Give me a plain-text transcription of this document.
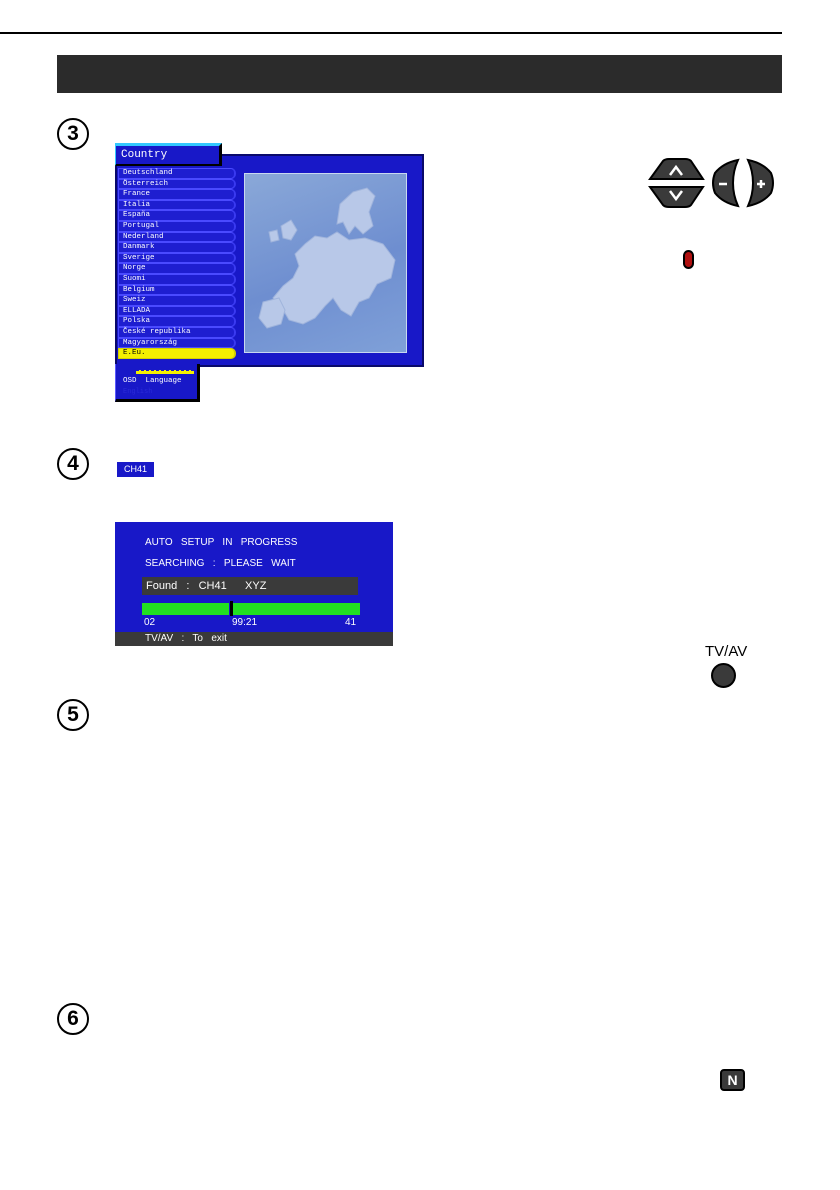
3
Country
Deutschland
Österreich
France
Italia
España
Portugal
Nederland
Danmark
Sverige
Norge
Suomi
Belgium
Sweiz
ELLADA
Polska
České republika
Magyarország
E.Eu.
OSD  Language
English
4	CH41
AUTO   SETUP   IN   PROGRESS
SEARCHING   :   PLEASE   WAIT
Found   :   CH41      XYZ
02	99:21	41
TV/AV   :   To   exit
TV/AV
5
6
N
